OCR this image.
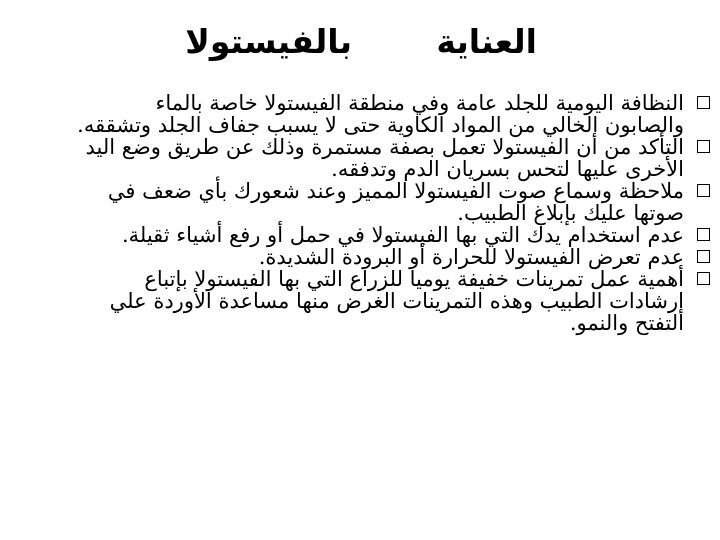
العناية
بالفيستولا
النظافة اليومية للجلد عامة وفي منطقة الفيستولا خاصة بالماء والصابون الخالي من المواد الكاوية حتى لا يسبب جفاف الجلد وتشققه.
التأكد من أن الفيستولا تعمل بصفة مستمرة وذلك عن طريق وضع اليد الأخرى عليها لتحس بسريان الدم وتدفقه.
ملاحظة وسماع صوت الفيستولا المميز وعند شعورك بأي ضعف في صوتها عليك بإبلاغ الطبيب.
عدم استخدام يدك التي بها الفيستولا في حمل أو رفع أشياء ثقيلة.
عدم تعرض الفيستولا للحرارة أو البرودة الشديدة.
أهمية عمل تمرينات خفيفة يوميا للزراع التي بها الفيستولا بإتباع إرشادات الطبيب وهذه التمرينات الغرض منها مساعدة الأوردة علي التفتح والنمو.
